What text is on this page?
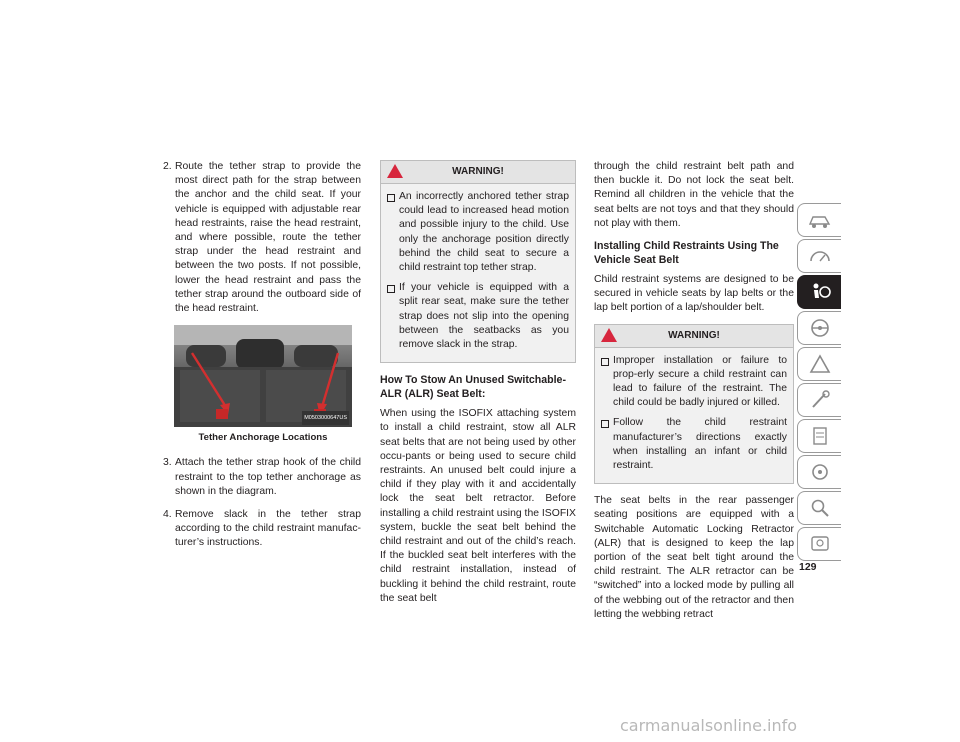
2. Route the tether strap to provide the most direct path for the strap between the anchor and the child seat. If your vehicle is equipped with adjustable rear head restraints, raise the head restraint, and where possible, route the tether strap under the head restraint and between the two posts. If not possible, lower the head restraint and pass the tether strap around the outboard side of the head restraint.
M0503000647US
Tether Anchorage Locations
3. Attach the tether strap hook of the child restraint to the top tether anchorage as shown in the diagram.
4. Remove slack in the tether strap according to the child restraint manufac-turer’s instructions.
WARNING!
An incorrectly anchored tether strap could lead to increased head motion and possible injury to the child. Use only the anchorage position directly behind the child seat to secure a child restraint top tether strap.
If your vehicle is equipped with a split rear seat, make sure the tether strap does not slip into the opening between the seatbacks as you remove slack in the strap.
How To Stow An Unused Switchable-ALR (ALR) Seat Belt:

When using the ISOFIX attaching system to install a child restraint, stow all ALR seat belts that are not being used by other occu-pants or being used to secure child restraints. An unused belt could injure a child if they play with it and accidentally lock the seat belt retractor. Before installing a child restraint using the ISOFIX system, buckle the seat belt behind the child restraint and out of the child’s reach. If the buckled seat belt interferes with the child restraint installation, instead of buckling it behind the child restraint, route the seat belt

through the child restraint belt path and then buckle it. Do not lock the seat belt. Remind all children in the vehicle that the seat belts are not toys and that they should not play with them.

Installing Child Restraints Using The Vehicle Seat Belt

Child restraint systems are designed to be secured in vehicle seats by lap belts or the lap belt portion of a lap/shoulder belt.

WARNING!
Improper installation or failure to prop-erly secure a child restraint can lead to failure of the restraint. The child could be badly injured or killed.
Follow the child restraint manufacturer’s directions exactly when installing an infant or child restraint.

The seat belts in the rear passenger seating positions are equipped with a Switchable Automatic Locking Retractor (ALR) that is designed to keep the lap portion of the seat belt tight around the child restraint. The ALR retractor can be “switched” into a locked mode by pulling all of the webbing out of the retractor and then letting the webbing retract

129
carmanualsonline.info
